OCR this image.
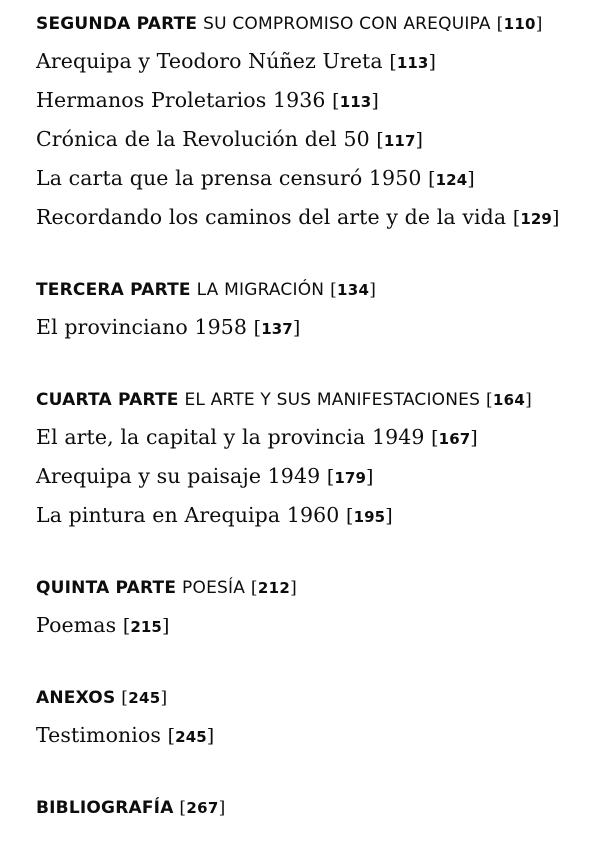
SEGUNDA PARTE SU COMPROMISO CON AREQUIPA [110]
Arequipa y Teodoro Núñez Ureta [113]
Hermanos Proletarios 1936 [113]
Crónica de la Revolución del 50 [117]
La carta que la prensa censuró 1950 [124]
Recordando los caminos del arte y de la vida [129]
TERCERA PARTE LA MIGRACIÓN [134]
El provinciano 1958 [137]
CUARTA PARTE EL ARTE Y SUS MANIFESTACIONES [164]
El arte, la capital y la provincia 1949 [167]
Arequipa y su paisaje 1949 [179]
La pintura en Arequipa 1960 [195]
QUINTA PARTE POESÍA [212]
Poemas [215]
ANEXOS [245]
Testimonios [245]
BIBLIOGRAFÍA [267]
